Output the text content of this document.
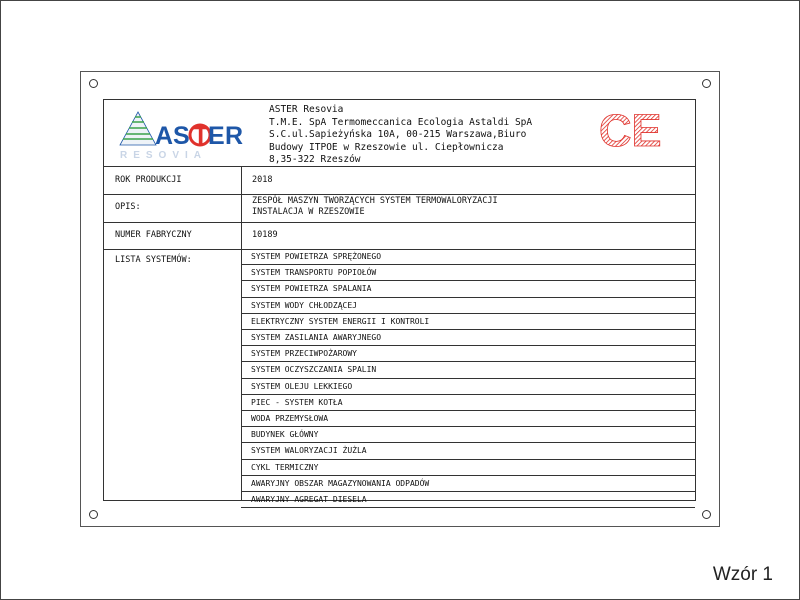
A S T E R
RESOVIA
ASTER Resovia
T.M.E. SpA Termomeccanica Ecologia Astaldi SpA
S.C.ul.Sapieżyńska 10A, 00-215 Warszawa,Biuro
Budowy ITPOE w Rzeszowie ul. Ciepłownicza
8,35-322 Rzeszów
CE
ROK PRODUKCJI	2018
OPIS:
ZESPÓŁ MASZYN TWORZĄCYCH SYSTEM TERMOWALORYZACJI
INSTALACJA W RZESZOWIE
NUMER FABRYCZNY	10189
LISTA SYSTEMÓW:	SYSTEM POWIETRZA SPRĘŻONEGO
SYSTEM TRANSPORTU POPIOŁÓW
SYSTEM POWIETRZA SPALANIA
SYSTEM WODY CHŁODZĄCEJ
ELEKTRYCZNY SYSTEM ENERGII I KONTROLI
SYSTEM ZASILANIA AWARYJNEGO
SYSTEM PRZECIWPOŻAROWY
SYSTEM OCZYSZCZANIA SPALIN
SYSTEM OLEJU LEKKIEGO
PIEC - SYSTEM KOTŁA
WODA PRZEMYSŁOWA
BUDYNEK GŁÓWNY
SYSTEM WALORYZACJI ŻUŻLA
CYKL TERMICZNY
AWARYJNY OBSZAR MAGAZYNOWANIA ODPADÓW
AWARYJNY AGREGAT DIESELA
Wzór 1
